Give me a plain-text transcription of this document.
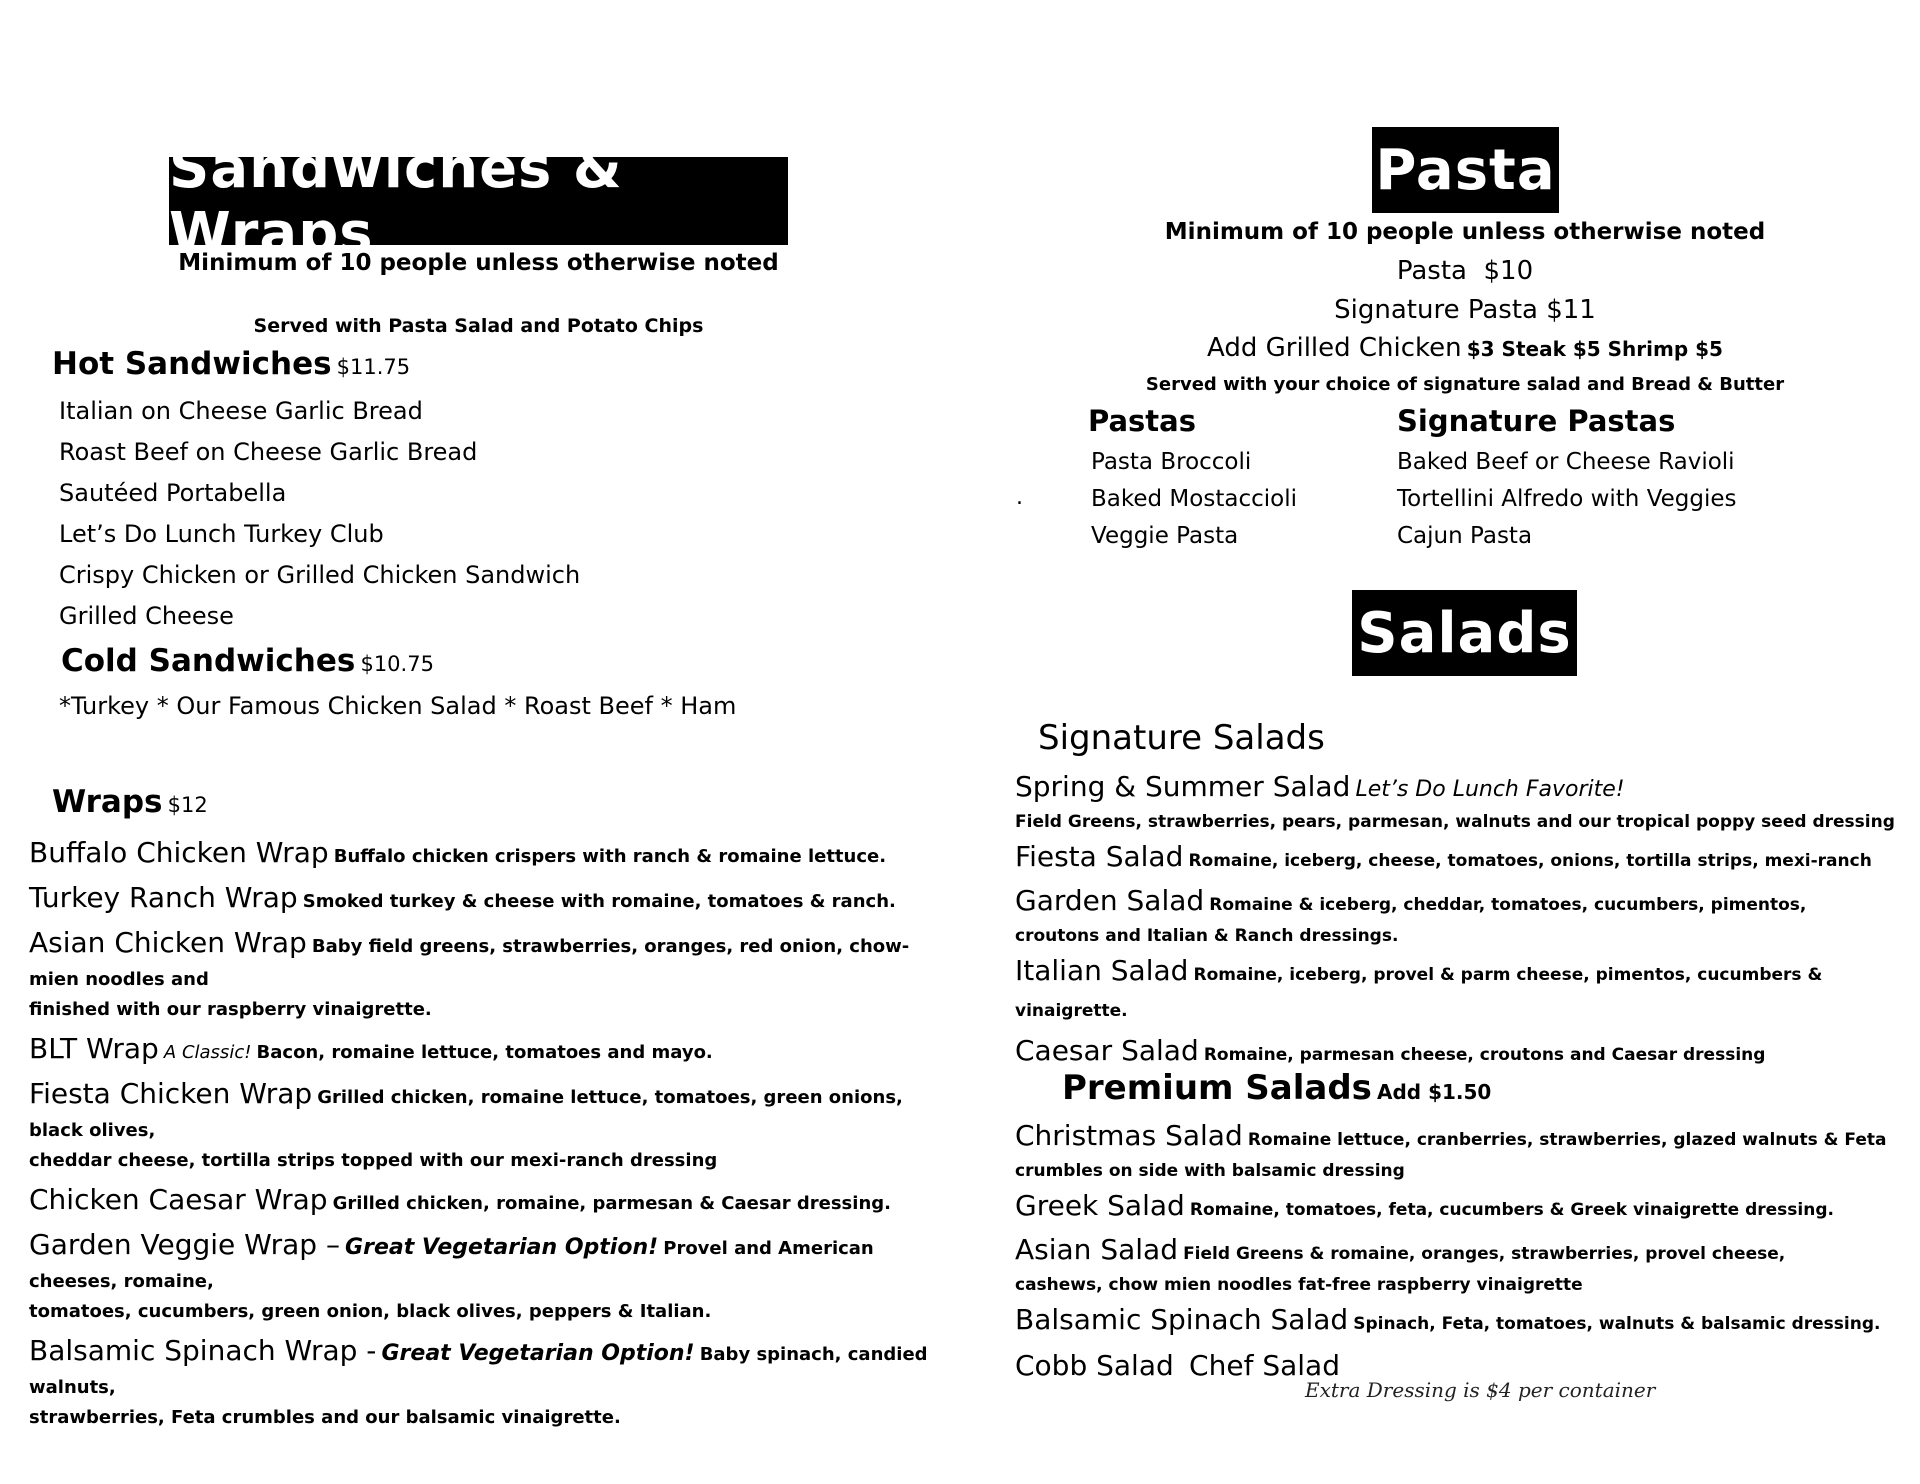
Sandwiches & Wraps
Minimum of 10 people unless otherwise noted
Served with Pasta Salad and Potato Chips
Hot Sandwiches $11.75
Italian on Cheese Garlic Bread
Roast Beef on Cheese Garlic Bread
Sautéed Portabella
Let’s Do Lunch Turkey Club
Crispy Chicken or Grilled Chicken Sandwich
Grilled Cheese
Cold Sandwiches $10.75
*Turkey * Our Famous Chicken Salad * Roast Beef * Ham
Wraps $12
Buffalo Chicken Wrap Buffalo chicken crispers with ranch & romaine lettuce.
Turkey Ranch Wrap Smoked turkey & cheese with romaine, tomatoes & ranch.
Asian Chicken Wrap Baby field greens, strawberries, oranges, red onion, chow-mien noodles and
finished with our raspberry vinaigrette.
BLT Wrap A Classic! Bacon, romaine lettuce, tomatoes and mayo.
Fiesta Chicken Wrap Grilled chicken, romaine lettuce, tomatoes, green onions, black olives,
cheddar cheese, tortilla strips topped with our mexi-ranch dressing
Chicken Caesar Wrap Grilled chicken, romaine, parmesan & Caesar dressing.
Garden Veggie Wrap – Great Vegetarian Option! Provel and American cheeses, romaine,
tomatoes, cucumbers, green onion, black olives, peppers & Italian.
Balsamic Spinach Wrap - Great Vegetarian Option! Baby spinach, candied walnuts,
strawberries, Feta crumbles and our balsamic vinaigrette.
Pasta
Minimum of 10 people unless otherwise noted
Pasta  $10
Signature Pasta $11
Add Grilled Chicken $3 Steak $5 Shrimp $5
Served with your choice of signature salad and Bread & Butter
.
Pastas
Pasta Broccoli
Baked Mostaccioli
Veggie Pasta
Signature Pastas
Baked Beef or Cheese Ravioli
Tortellini Alfredo with Veggies
Cajun Pasta
Salads
Signature Salads
Spring & Summer Salad Let’s Do Lunch Favorite!
Field Greens, strawberries, pears, parmesan, walnuts and our tropical poppy seed dressing
Fiesta Salad Romaine, iceberg, cheese, tomatoes, onions, tortilla strips, mexi-ranch
Garden Salad Romaine & iceberg, cheddar, tomatoes, cucumbers, pimentos,
croutons and Italian & Ranch dressings.
Italian Salad Romaine, iceberg, provel & parm cheese, pimentos, cucumbers & vinaigrette.
Caesar Salad Romaine, parmesan cheese, croutons and Caesar dressing
Premium Salads Add $1.50
Christmas Salad Romaine lettuce, cranberries, strawberries, glazed walnuts & Feta
crumbles on side with balsamic dressing
Greek Salad Romaine, tomatoes, feta, cucumbers & Greek vinaigrette dressing.
Asian Salad Field Greens & romaine, oranges, strawberries, provel cheese,
cashews, chow mien noodles fat-free raspberry vinaigrette
Balsamic Spinach Salad Spinach, Feta, tomatoes, walnuts & balsamic dressing.
Cobb Salad Chef Salad
Extra Dressing is $4 per container
